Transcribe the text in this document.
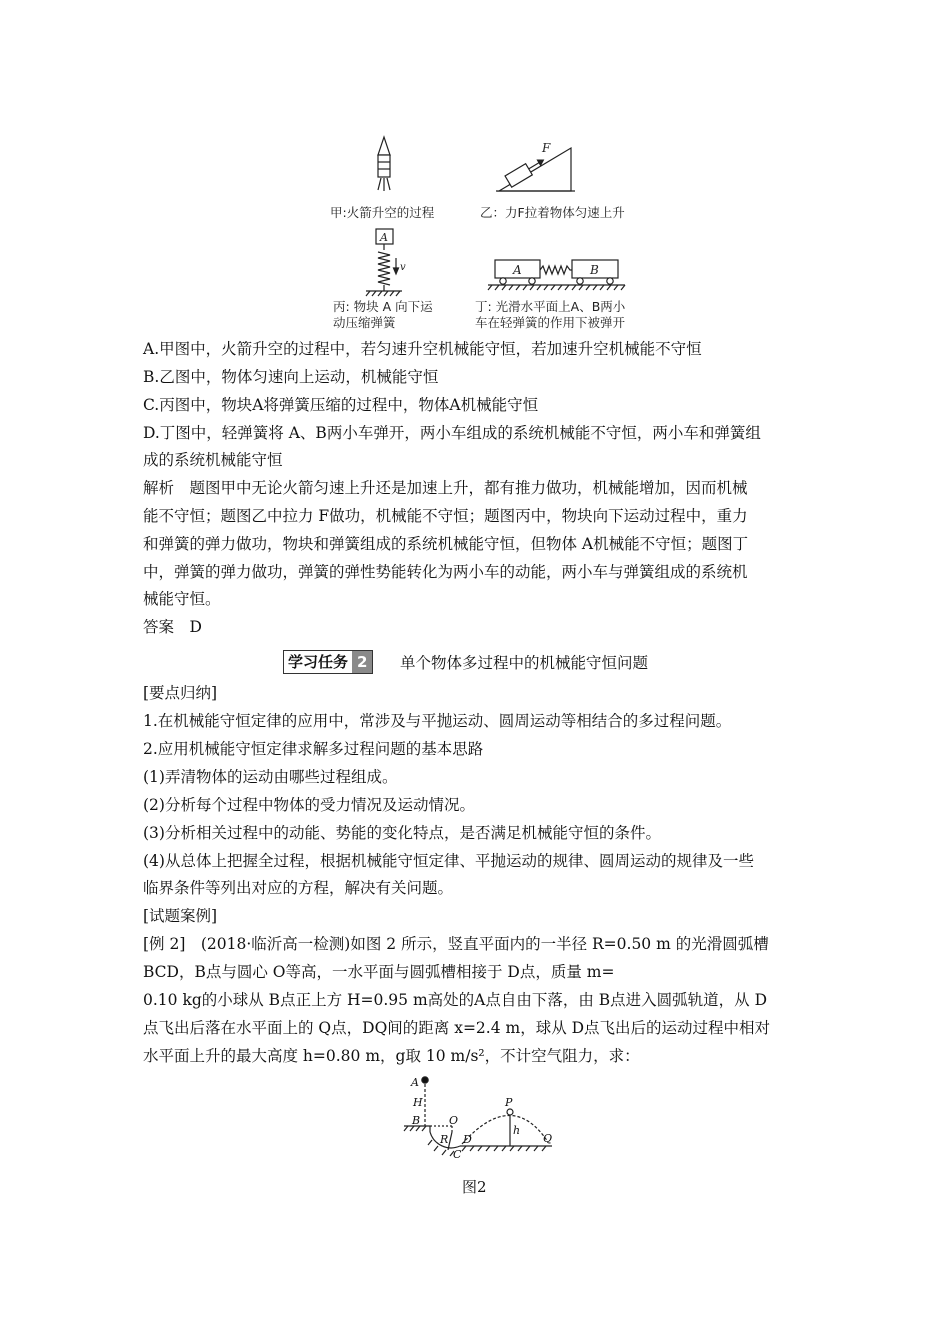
F
A
v	A	B
甲:火箭升空的过程	乙：力F拉着物体匀速上升
丙: 物块 A 向下运
动压缩弹簧
丁: 光滑水平面上A、B两小
车在轻弹簧的作用下被弹开
A.甲图中，火箭升空的过程中，若匀速升空机械能守恒，若加速升空机械能不守恒
B.乙图中，物体匀速向上运动，机械能守恒
C.丙图中，物块A将弹簧压缩的过程中，物体A机械能守恒
D.丁图中，轻弹簧将 A、B两小车弹开，两小车组成的系统机械能不守恒，两小车和弹簧组
成的系统机械能守恒
解析　题图甲中无论火箭匀速上升还是加速上升，都有推力做功，机械能增加，因而机械
能不守恒；题图乙中拉力 F做功，机械能不守恒；题图丙中，物块向下运动过程中，重力
和弹簧的弹力做功，物块和弹簧组成的系统机械能守恒，但物体 A机械能不守恒；题图丁
中，弹簧的弹力做功，弹簧的弹性势能转化为两小车的动能，两小车与弹簧组成的系统机
械能守恒。
答案　D
学习任务 2	单个物体多过程中的机械能守恒问题
[要点归纳]
1.在机械能守恒定律的应用中，常涉及与平抛运动、圆周运动等相结合的多过程问题。
2.应用机械能守恒定律求解多过程问题的基本思路
(1)弄清物体的运动由哪些过程组成。
(2)分析每个过程中物体的受力情况及运动情况。
(3)分析相关过程中的动能、势能的变化特点，是否满足机械能守恒的条件。
(4)从总体上把握全过程，根据机械能守恒定律、平抛运动的规律、圆周运动的规律及一些
临界条件等列出对应的方程，解决有关问题。
[试题案例]
[例 2]　(2018·临沂高一检测)如图 2 所示，竖直平面内的一半径 R=0.50 m 的光滑圆弧槽
BCD，B点与圆心 O等高，一水平面与圆弧槽相接于 D点，质量 m=
0.10 kg的小球从 B点正上方 H=0.95 m高处的A点自由下落，由 B点进入圆弧轨道，从 D
点飞出后落在水平面上的 Q点，DQ间的距离 x=2.4 m，球从 D点飞出后的运动过程中相对
水平面上升的最大高度 h=0.80 m，g取 10 m/s²，不计空气阻力，求：
A
H
B	O
R
C
D
P
h
Q
图2
